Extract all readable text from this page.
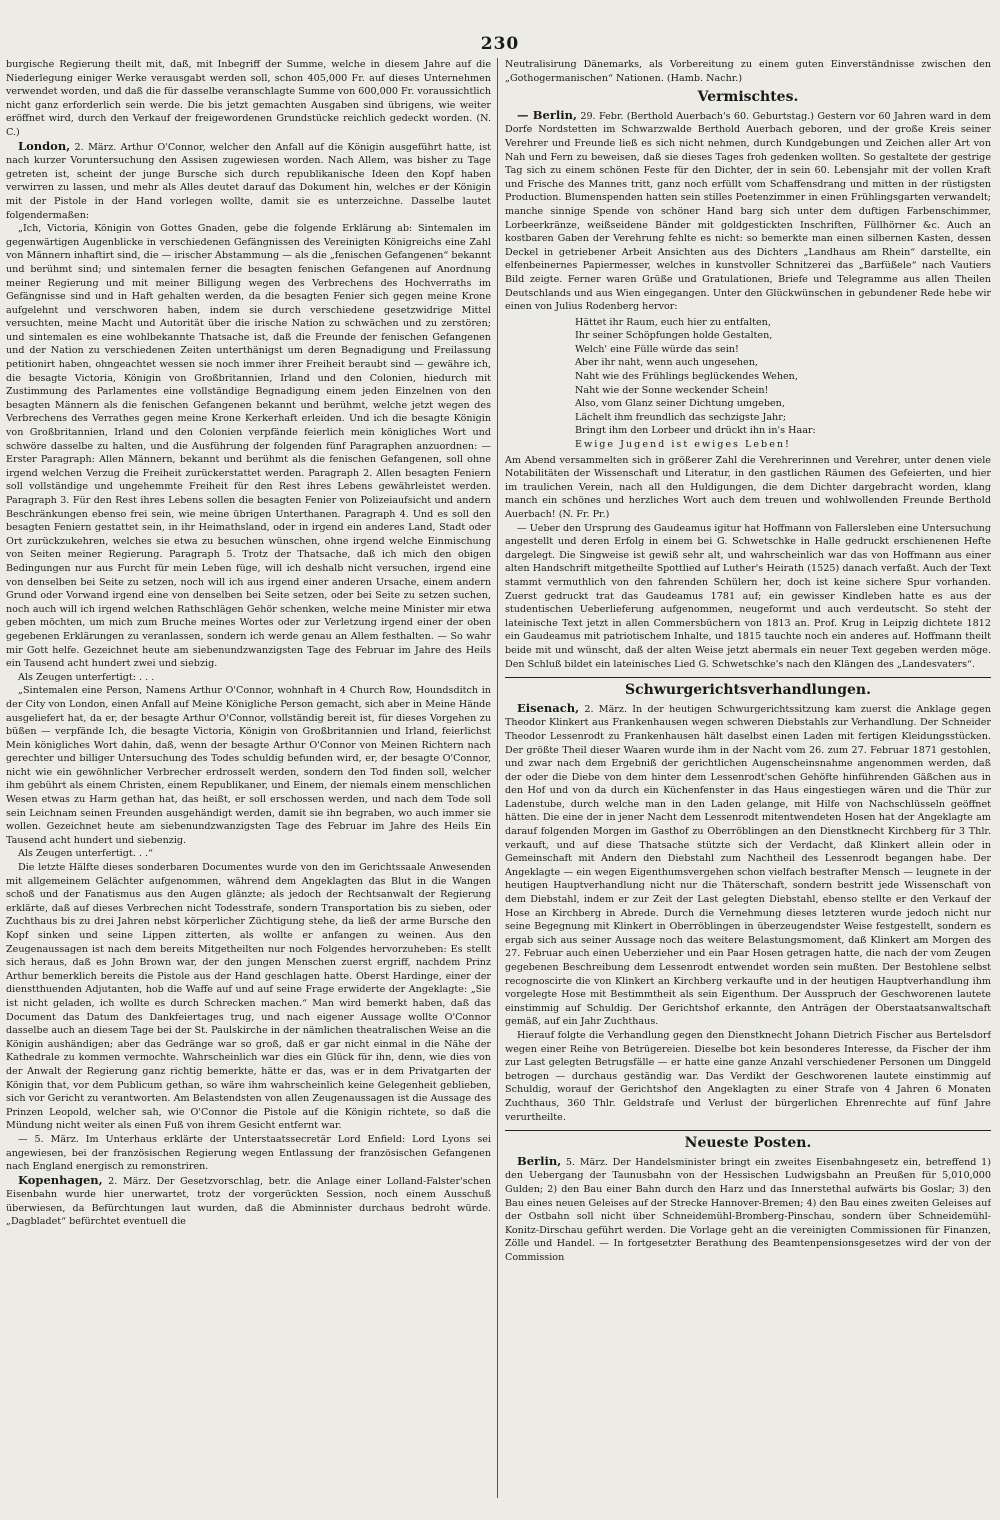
230

burgische Regierung theilt mit, daß, mit Inbegriff der Summe, welche in diesem Jahre auf die Niederlegung einiger Werke verausgabt werden soll, schon 405,000 Fr. auf dieses Unternehmen verwendet worden, und daß die für dasselbe veranschlagte Summe von 600,000 Fr. voraussichtlich nicht ganz erforderlich sein werde. Die bis jetzt gemachten Ausgaben sind übrigens, wie weiter eröffnet wird, durch den Verkauf der freigewordenen Grundstücke reichlich gedeckt worden. (N. C.)

London, 2. März. Arthur O'Connor, welcher den Anfall auf die Königin ausgeführt hatte, ist nach kurzer Voruntersuchung den Assisen zugewiesen worden. Nach Allem, was bisher zu Tage getreten ist, scheint der junge Bursche sich durch republikanische Ideen den Kopf haben verwirren zu lassen, und mehr als Alles deutet darauf das Dokument hin, welches er der Königin mit der Pistole in der Hand vorlegen wollte, damit sie es unterzeichne. Dasselbe lautet folgendermaßen:

„Ich, Victoria, Königin von Gottes Gnaden, gebe die folgende Erklärung ab: Sintemalen im gegenwärtigen Augenblicke in verschiedenen Gefängnissen des Vereinigten Königreichs eine Zahl von Männern inhaftirt sind, die — irischer Abstammung — als die „fenischen Gefangenen“ bekannt und berühmt sind; und sintemalen ferner die besagten fenischen Gefangenen auf Anordnung meiner Regierung und mit meiner Billigung wegen des Verbrechens des Hochverraths im Gefängnisse sind und in Haft gehalten werden, da die besagten Fenier sich gegen meine Krone aufgelehnt und verschworen haben, indem sie durch verschiedene gesetzwidrige Mittel versuchten, meine Macht und Autorität über die irische Nation zu schwächen und zu zerstören; und sintemalen es eine wohlbekannte Thatsache ist, daß die Freunde der fenischen Gefangenen und der Nation zu verschiedenen Zeiten unterthänigst um deren Begnadigung und Freilassung petitionirt haben, ohngeachtet wessen sie noch immer ihrer Freiheit beraubt sind — gewähre ich, die besagte Victoria, Königin von Großbritannien, Irland und den Colonien, hiedurch mit Zustimmung des Parlamentes eine vollständige Begnadigung einem jeden Einzelnen von den besagten Männern als die fenischen Gefangenen bekannt und berühmt, welche jetzt wegen des Verbrechens des Verrathes gegen meine Krone Kerkerhaft erleiden. Und ich die besagte Königin von Großbritannien, Irland und den Colonien verpfände feierlich mein königliches Wort und schwöre dasselbe zu halten, und die Ausführung der folgenden fünf Paragraphen anzuordnen: — Erster Paragraph: Allen Männern, bekannt und berühmt als die fenischen Gefangenen, soll ohne irgend welchen Verzug die Freiheit zurückerstattet werden. Paragraph 2. Allen besagten Feniern soll vollständige und ungehemmte Freiheit für den Rest ihres Lebens gewährleistet werden. Paragraph 3. Für den Rest ihres Lebens sollen die besagten Fenier von Polizeiaufsicht und andern Beschränkungen ebenso frei sein, wie meine übrigen Unterthanen. Paragraph 4. Und es soll den besagten Feniern gestattet sein, in ihr Heimathsland, oder in irgend ein anderes Land, Stadt oder Ort zurückzukehren, welches sie etwa zu besuchen wünschen, ohne irgend welche Einmischung von Seiten meiner Regierung. Paragraph 5. Trotz der Thatsache, daß ich mich den obigen Bedingungen nur aus Furcht für mein Leben füge, will ich deshalb nicht versuchen, irgend eine von denselben bei Seite zu setzen, noch will ich aus irgend einer anderen Ursache, einem andern Grund oder Vorwand irgend eine von denselben bei Seite setzen, oder bei Seite zu setzen suchen, noch auch will ich irgend welchen Rathschlägen Gehör schenken, welche meine Minister mir etwa geben möchten, um mich zum Bruche meines Wortes oder zur Verletzung irgend einer der oben gegebenen Erklärungen zu veranlassen, sondern ich werde genau an Allem festhalten. — So wahr mir Gott helfe. Gezeichnet heute am siebenundzwanzigsten Tage des Februar im Jahre des Heils ein Tausend acht hundert zwei und siebzig.

Als Zeugen unterfertigt: . . .

„Sintemalen eine Person, Namens Arthur O'Connor, wohnhaft in 4 Church Row, Houndsditch in der City von London, einen Anfall auf Meine Königliche Person gemacht, sich aber in Meine Hände ausgeliefert hat, da er, der besagte Arthur O'Connor, vollständig bereit ist, für dieses Vorgehen zu büßen — verpfände Ich, die besagte Victoria, Königin von Großbritannien und Irland, feierlichst Mein königliches Wort dahin, daß, wenn der besagte Arthur O'Connor von Meinen Richtern nach gerechter und billiger Untersuchung des Todes schuldig befunden wird, er, der besagte O'Connor, nicht wie ein gewöhnlicher Verbrecher erdrosselt werden, sondern den Tod finden soll, welcher ihm gebührt als einem Christen, einem Republikaner, und Einem, der niemals einem menschlichen Wesen etwas zu Harm gethan hat, das heißt, er soll erschossen werden, und nach dem Tode soll sein Leichnam seinen Freunden ausgehändigt werden, damit sie ihn begraben, wo auch immer sie wollen. Gezeichnet heute am siebenundzwanzigsten Tage des Februar im Jahre des Heils Ein Tausend acht hundert und siebenzig.

Als Zeugen unterfertigt. . .“

Die letzte Hälfte dieses sonderbaren Documentes wurde von den im Gerichtssaale Anwesenden mit allgemeinem Gelächter aufgenommen, während dem Angeklagten das Blut in die Wangen schoß und der Fanatismus aus den Augen glänzte; als jedoch der Rechtsanwalt der Regierung erklärte, daß auf dieses Verbrechen nicht Todesstrafe, sondern Transportation bis zu sieben, oder Zuchthaus bis zu drei Jahren nebst körperlicher Züchtigung stehe, da ließ der arme Bursche den Kopf sinken und seine Lippen zitterten, als wollte er anfangen zu weinen. Aus den Zeugenaussagen ist nach dem bereits Mitgetheilten nur noch Folgendes hervorzuheben: Es stellt sich heraus, daß es John Brown war, der den jungen Menschen zuerst ergriff, nachdem Prinz Arthur bemerklich bereits die Pistole aus der Hand geschlagen hatte. Oberst Hardinge, einer der dienstthuenden Adjutanten, hob die Waffe auf und auf seine Frage erwiderte der Angeklagte: „Sie ist nicht geladen, ich wollte es durch Schrecken machen.“ Man wird bemerkt haben, daß das Document das Datum des Dankfeiertages trug, und nach eigener Aussage wollte O'Connor dasselbe auch an diesem Tage bei der St. Paulskirche in der nämlichen theatralischen Weise an die Königin aushändigen; aber das Gedränge war so groß, daß er gar nicht einmal in die Nähe der Kathedrale zu kommen vermochte. Wahrscheinlich war dies ein Glück für ihn, denn, wie dies von der Anwalt der Regierung ganz richtig bemerkte, hätte er das, was er in dem Privatgarten der Königin that, vor dem Publicum gethan, so wäre ihm wahrscheinlich keine Gelegenheit geblieben, sich vor Gericht zu verantworten. Am Belastendsten von allen Zeugenaussagen ist die Aussage des Prinzen Leopold, welcher sah, wie O'Connor die Pistole auf die Königin richtete, so daß die Mündung nicht weiter als einen Fuß von ihrem Gesicht entfernt war.

— 5. März. Im Unterhaus erklärte der Unterstaatssecretär Lord Enfield: Lord Lyons sei angewiesen, bei der französischen Regierung wegen Entlassung der französischen Gefangenen nach England energisch zu remonstriren.

Kopenhagen, 2. März. Der Gesetzvorschlag, betr. die Anlage einer Lolland-Falster'schen Eisenbahn wurde hier unerwartet, trotz der vorgerückten Session, noch einem Ausschuß überwiesen, da Befürchtungen laut wurden, daß die Abminnister durchaus bedroht würde. „Dagbladet“ befürchtet eventuell die

Neutralisirung Dänemarks, als Vorbereitung zu einem guten Einverständnisse zwischen den „Gothogermanischen“ Nationen. (Hamb. Nachr.)

Vermischtes.

— Berlin, 29. Febr. (Berthold Auerbach's 60. Geburtstag.) Gestern vor 60 Jahren ward in dem Dorfe Nordstetten im Schwarzwalde Berthold Auerbach geboren, und der große Kreis seiner Verehrer und Freunde ließ es sich nicht nehmen, durch Kundgebungen und Zeichen aller Art von Nah und Fern zu beweisen, daß sie dieses Tages froh gedenken wollten. So gestaltete der gestrige Tag sich zu einem schönen Feste für den Dichter, der in sein 60. Lebensjahr mit der vollen Kraft und Frische des Mannes tritt, ganz noch erfüllt vom Schaffensdrang und mitten in der rüstigsten Production. Blumenspenden hatten sein stilles Poetenzimmer in einen Frühlingsgarten verwandelt; manche sinnige Spende von schöner Hand barg sich unter dem duftigen Farbenschimmer, Lorbeerkränze, weißseidene Bänder mit goldgestickten Inschriften, Füllhörner &c. Auch an kostbaren Gaben der Verehrung fehlte es nicht: so bemerkte man einen silbernen Kasten, dessen Deckel in getriebener Arbeit Ansichten aus des Dichters „Landhaus am Rhein“ darstellte, ein elfenbeinernes Papiermesser, welches in kunstvoller Schnitzerei das „Barfüßele“ nach Vautiers Bild zeigte. Ferner waren Grüße und Gratulationen, Briefe und Telegramme aus allen Theilen Deutschlands und aus Wien eingegangen. Unter den Glückwünschen in gebundener Rede hebe wir einen von Julius Rodenberg hervor:

Hättet ihr Raum, euch hier zu entfalten,
Ihr seiner Schöpfungen holde Gestalten,
Welch' eine Fülle würde das sein!
Aber ihr naht, wenn auch ungesehen,
Naht wie des Frühlings beglückendes Wehen,
Naht wie der Sonne weckender Schein!
Also, vom Glanz seiner Dichtung umgeben,
Lächelt ihm freundlich das sechzigste Jahr;
Bringt ihm den Lorbeer und drückt ihn in's Haar:
Ewige Jugend ist ewiges Leben!

Am Abend versammelten sich in größerer Zahl die Verehrerinnen und Verehrer, unter denen viele Notabilitäten der Wissenschaft und Literatur, in den gastlichen Räumen des Gefeierten, und hier im traulichen Verein, nach all den Huldigungen, die dem Dichter dargebracht worden, klang manch ein schönes und herzliches Wort auch dem treuen und wohlwollenden Freunde Berthold Auerbach! (N. Fr. Pr.)

— Ueber den Ursprung des Gaudeamus igitur hat Hoffmann von Fallersleben eine Untersuchung angestellt und deren Erfolg in einem bei G. Schwetschke in Halle gedruckt erschienenen Hefte dargelegt. Die Singweise ist gewiß sehr alt, und wahrscheinlich war das von Hoffmann aus einer alten Handschrift mitgetheilte Spottlied auf Luther's Heirath (1525) danach verfaßt. Auch der Text stammt vermuthlich von den fahrenden Schülern her, doch ist keine sichere Spur vorhanden. Zuerst gedruckt trat das Gaudeamus 1781 auf; ein gewisser Kindleben hatte es aus der studentischen Ueberlieferung aufgenommen, neugeformt und auch verdeutscht. So steht der lateinische Text jetzt in allen Commersbüchern von 1813 an. Prof. Krug in Leipzig dichtete 1812 ein Gaudeamus mit patriotischem Inhalte, und 1815 tauchte noch ein anderes auf. Hoffmann theilt beide mit und wünscht, daß der alten Weise jetzt abermals ein neuer Text gegeben werden möge. Den Schluß bildet ein lateinisches Lied G. Schwetschke's nach den Klängen des „Landesvaters“.

Schwurgerichtsverhandlungen.

Eisenach, 2. März. In der heutigen Schwurgerichtssitzung kam zuerst die Anklage gegen Theodor Klinkert aus Frankenhausen wegen schweren Diebstahls zur Verhandlung. Der Schneider Theodor Lessenrodt zu Frankenhausen hält daselbst einen Laden mit fertigen Kleidungsstücken. Der größte Theil dieser Waaren wurde ihm in der Nacht vom 26. zum 27. Februar 1871 gestohlen, und zwar nach dem Ergebniß der gerichtlichen Augenscheinsnahme angenommen werden, daß der oder die Diebe von dem hinter dem Lessenrodt'schen Gehöfte hinführenden Gäßchen aus in den Hof und von da durch ein Küchenfenster in das Haus eingestiegen wären und die Thür zur Ladenstube, durch welche man in den Laden gelange, mit Hilfe von Nachschlüsseln geöffnet hätten. Die eine der in jener Nacht dem Lessenrodt mitentwendeten Hosen hat der Angeklagte am darauf folgenden Morgen im Gasthof zu Oberröblingen an den Dienstknecht Kirchberg für 3 Thlr. verkauft, und auf diese Thatsache stützte sich der Verdacht, daß Klinkert allein oder in Gemeinschaft mit Andern den Diebstahl zum Nachtheil des Lessenrodt begangen habe. Der Angeklagte — ein wegen Eigenthumsvergehen schon vielfach bestrafter Mensch — leugnete in der heutigen Hauptverhandlung nicht nur die Thäterschaft, sondern bestritt jede Wissenschaft von dem Diebstahl, indem er zur Zeit der Last gelegten Diebstahl, ebenso stellte er den Verkauf der Hose an Kirchberg in Abrede. Durch die Vernehmung dieses letzteren wurde jedoch nicht nur seine Begegnung mit Klinkert in Oberröblingen in überzeugendster Weise festgestellt, sondern es ergab sich aus seiner Aussage noch das weitere Belastungsmoment, daß Klinkert am Morgen des 27. Februar auch einen Ueberzieher und ein Paar Hosen getragen hatte, die nach der vom Zeugen gegebenen Beschreibung dem Lessenrodt entwendet worden sein mußten. Der Bestohlene selbst recognoscirte die von Klinkert an Kirchberg verkaufte und in der heutigen Hauptverhandlung ihm vorgelegte Hose mit Bestimmtheit als sein Eigenthum. Der Ausspruch der Geschworenen lautete einstimmig auf Schuldig. Der Gerichtshof erkannte, den Anträgen der Oberstaatsanwaltschaft gemäß, auf ein Jahr Zuchthaus.

Hierauf folgte die Verhandlung gegen den Dienstknecht Johann Dietrich Fischer aus Bertelsdorf wegen einer Reihe von Betrügereien. Dieselbe bot kein besonderes Interesse, da Fischer der ihm zur Last gelegten Betrugsfälle — er hatte eine ganze Anzahl verschiedener Personen um Dinggeld betrogen — durchaus geständig war. Das Verdikt der Geschworenen lautete einstimmig auf Schuldig, worauf der Gerichtshof den Angeklagten zu einer Strafe von 4 Jahren 6 Monaten Zuchthaus, 360 Thlr. Geldstrafe und Verlust der bürgerlichen Ehrenrechte auf fünf Jahre verurtheilte.

Neueste Posten.

Berlin, 5. März. Der Handelsminister bringt ein zweites Eisenbahngesetz ein, betreffend 1) den Uebergang der Taunusbahn von der Hessischen Ludwigsbahn an Preußen für 5,010,000 Gulden; 2) den Bau einer Bahn durch den Harz und das Innerstethal aufwärts bis Goslar; 3) den Bau eines neuen Geleises auf der Strecke Hannover-Bremen; 4) den Bau eines zweiten Geleises auf der Ostbahn soll nicht über Schneidemühl-Bromberg-Pinschau, sondern über Schneidemühl-Konitz-Dirschau geführt werden. Die Vorlage geht an die vereinigten Commissionen für Finanzen, Zölle und Handel. — In fortgesetzter Berathung des Beamtenpensionsgesetzes wird der von der Commission
